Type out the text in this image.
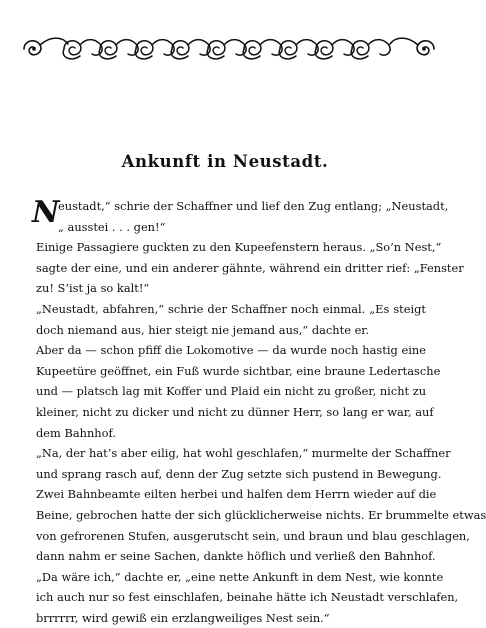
Ankunft in Neustadt.
N
eustadt,“ schrie der Schaffner und lief den Zug entlang; „Neustadt,
„ ausstei . . . gen!“
Einige Passagiere guckten zu den Kupeefenstern heraus. „So’n Nest,“
sagte der eine, und ein anderer gähnte, während ein dritter rief: „Fenster
zu! S’ist ja so kalt!“
„Neustadt, abfahren,“ schrie der Schaffner noch einmal. „Es steigt
doch niemand aus, hier steigt nie jemand aus,“ dachte er.
Aber da — schon pfiff die Lokomotive — da wurde noch hastig eine
Kupeetüre geöffnet, ein Fuß wurde sichtbar, eine braune Ledertasche
und — platsch lag mit Koffer und Plaid ein nicht zu großer, nicht zu
kleiner, nicht zu dicker und nicht zu dünner Herr, so lang er war, auf
dem Bahnhof.
„Na, der hat’s aber eilig, hat wohl geschlafen,“ murmelte der Schaffner
und sprang rasch auf, denn der Zug setzte sich pustend in Bewegung.
Zwei Bahnbeamte eilten herbei und halfen dem Herrn wieder auf die
Beine, gebrochen hatte der sich glücklicherweise nichts. Er brummelte etwas
von gefrorenen Stufen, ausgerutscht sein, und braun und blau geschlagen,
dann nahm er seine Sachen, dankte höflich und verließ den Bahnhof.
„Da wäre ich,“ dachte er, „eine nette Ankunft in dem Nest, wie konnte
ich auch nur so fest einschlafen, beinahe hätte ich Neustadt verschlafen,
brrrrrr, wird gewiß ein erzlangweiliges Nest sein.“
